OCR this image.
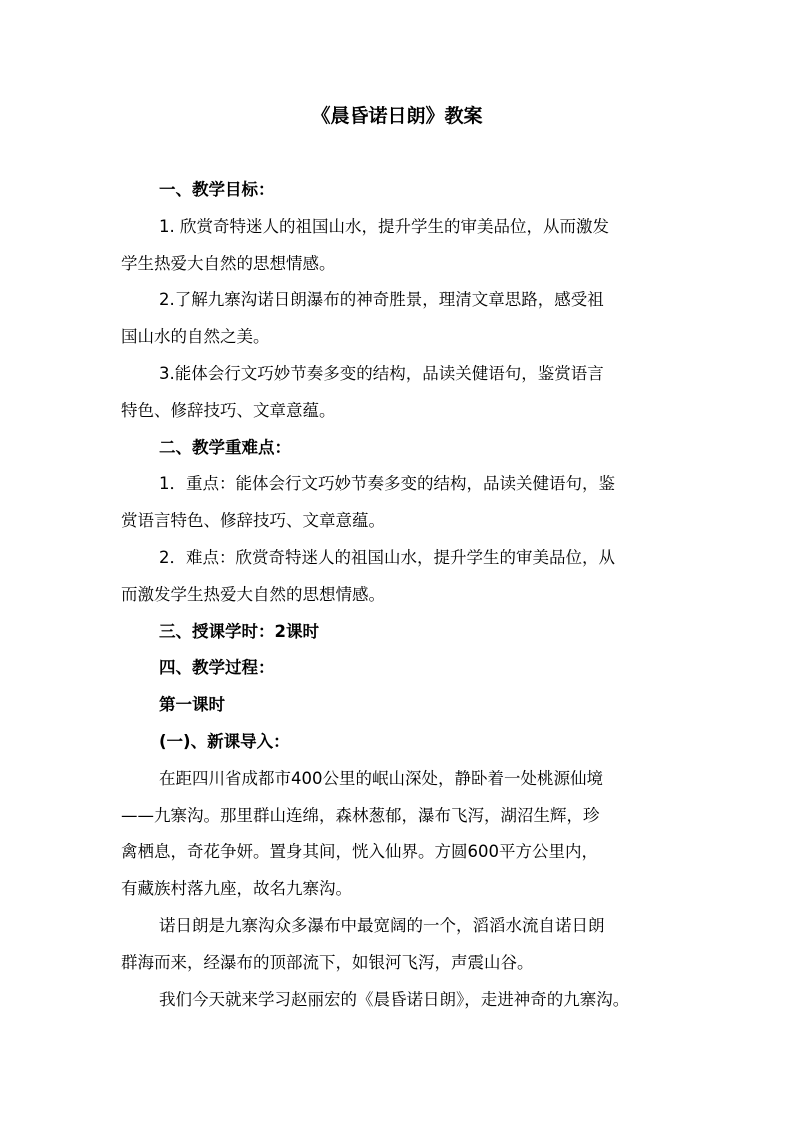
《晨昏诺日朗》教案

一、教学目标：

1. 欣赏奇特迷人的祖国山水，提升学生的审美品位，从而激发

学生热爱大自然的思想情感。

2.了解九寨沟诺日朗瀑布的神奇胜景，理清文章思路，感受祖

国山水的自然之美。

3.能体会行文巧妙节奏多变的结构，品读关健语句，鉴赏语言

特色、修辞技巧、文章意蕴。

二、教学重难点：

1．重点：能体会行文巧妙节奏多变的结构，品读关健语句，鉴

赏语言特色、修辞技巧、文章意蕴。

2．难点：欣赏奇特迷人的祖国山水，提升学生的审美品位，从

而激发学生热爱大自然的思想情感。

三、授课学时：2课时

四、教学过程：

第一课时

(一)、新课导入：

在距四川省成都市400公里的岷山深处，静卧着一处桃源仙境

——九寨沟。那里群山连绵，森林葱郁，瀑布飞泻，湖沼生辉，珍

禽栖息，奇花争妍。置身其间，恍入仙界。方圆600平方公里内，

有藏族村落九座，故名九寨沟。

诺日朗是九寨沟众多瀑布中最宽阔的一个，滔滔水流自诺日朗

群海而来，经瀑布的顶部流下，如银河飞泻，声震山谷。

我们今天就来学习赵丽宏的《晨昏诺日朗》，走进神奇的九寨沟。
